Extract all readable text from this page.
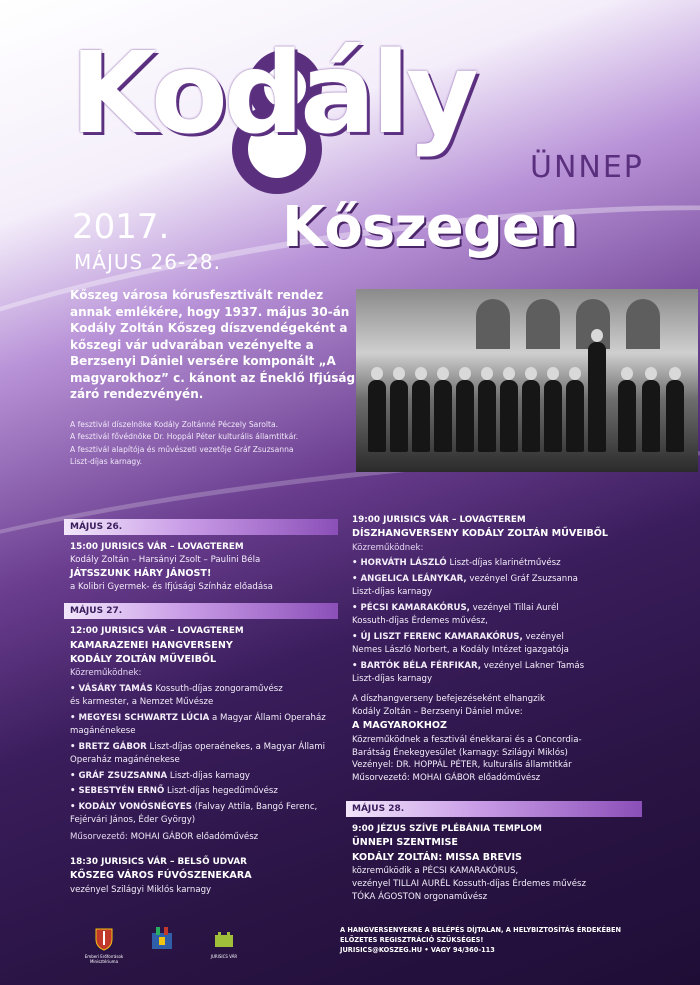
Kodály
ÜNNEP
2017.
MÁJUS 26-28.
Kőszegen
Kőszeg városa kórusfesztivált rendez annak emlékére, hogy 1937. május 30-án Kodály Zoltán Kőszeg díszvendégeként a kőszegi vár udvarában vezényelte a Berzsenyi Dániel versére komponált „A magyarokhoz” c. kánont az Éneklő Ifjúság záró rendezvényén.
A fesztivál díszelnöke Kodály Zoltánné Péczely Sarolta.
A fesztivál fővédnöke Dr. Hoppál Péter kulturális államtitkár.
A fesztivál alapítója és művészeti vezetője Gráf Zsuzsanna
Liszt-díjas karnagy.
MÁJUS 26.
15:00 JURISICS VÁR – LOVAGTEREM
Kodály Zoltán – Harsányi Zsolt – Paulini Béla
JÁTSSZUNK HÁRY JÁNOST!
a Kolibri Gyermek- és Ifjúsági Színház előadása
MÁJUS 27.
12:00 JURISICS VÁR – LOVAGTEREM
KAMARAZENEI HANGVERSENY
KODÁLY ZOLTÁN MŰVEIBŐL
Közreműködnek:
• VÁSÁRY TAMÁS Kossuth-díjas zongoraművész
és karmester, a Nemzet Művésze
• MEGYESI SCHWARTZ LÚCIA a Magyar Állami Operaház
magánénekese
• BRETZ GÁBOR Liszt-díjas operaénekes, a Magyar Állami
Operaház magánénekese
• GRÁF ZSUZSANNA Liszt-díjas karnagy
• SEBESTYÉN ERNŐ Liszt-díjas hegedűművész
• KODÁLY VONÓSNÉGYES (Falvay Attila, Bangó Ferenc,
Fejérvári János, Éder György)
Műsorvezető: MOHAI GÁBOR előadóművész
18:30 JURISICS VÁR – BELSŐ UDVAR
KŐSZEG VÁROS FÚVÓSZENEKARA
vezényel Szilágyi Miklós karnagy
19:00 JURISICS VÁR – LOVAGTEREM
DÍSZHANGVERSENY KODÁLY ZOLTÁN MŰVEIBŐL
Közreműködnek:
• HORVÁTH LÁSZLÓ Liszt-díjas klarinétművész
• ANGELICA LEÁNYKAR, vezényel Gráf Zsuzsanna
Liszt-díjas karnagy
• PÉCSI KAMARAKÓRUS, vezényel Tillai Aurél
Kossuth-díjas Érdemes művész,
• ÚJ LISZT FERENC KAMARAKÓRUS, vezényel
Nemes László Norbert, a Kodály Intézet igazgatója
• BARTÓK BÉLA FÉRFIKAR, vezényel Lakner Tamás
Liszt-díjas karnagy
A díszhangverseny befejezéseként elhangzik
Kodály Zoltán – Berzsenyi Dániel műve:
A MAGYAROKHOZ
Közreműködnek a fesztivál énekkarai és a Concordia-
Barátság Énekegyesület (karnagy: Szilágyi Miklós)
Vezényel: DR. HOPPÁL PÉTER, kulturális államtitkár
Műsorvezető: MOHAI GÁBOR előadóművész
MÁJUS 28.
9:00 JÉZUS SZÍVE PLÉBÁNIA TEMPLOM
ÜNNEPI SZENTMISE
KODÁLY ZOLTÁN: MISSA BREVIS
közreműködik a PÉCSI KAMARAKÓRUS,
vezényel TILLAI AURÉL Kossuth-díjas Érdemes művész
TÓKA ÁGOSTON orgonaművész
Emberi Erőforrások Minisztériuma
JURISICS VÁR
A HANGVERSENYEKRE A BELÉPÉS DÍJTALAN, A HELYBIZTOSÍTÁS ÉRDEKÉBEN
ELŐZETES REGISZTRÁCIÓ SZÜKSÉGES!
JURISICS@KOSZEG.HU • VAGY 94/360-113
